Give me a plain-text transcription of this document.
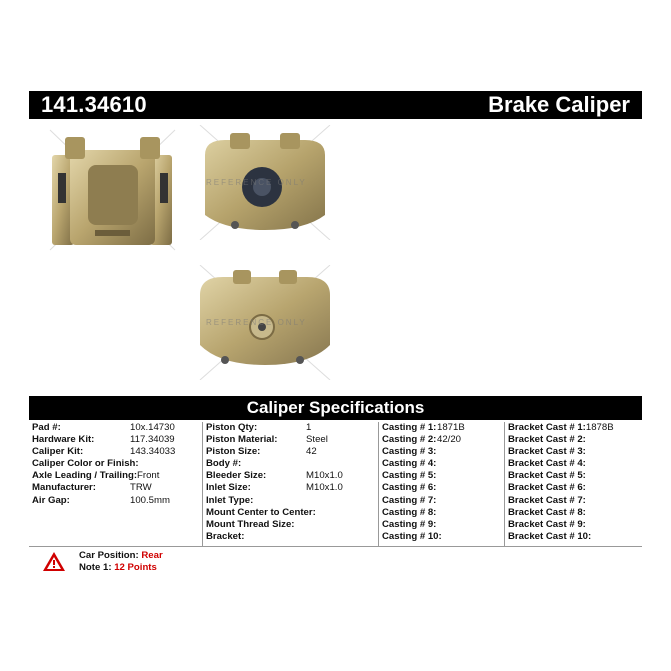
141.34610	Brake Caliper
REFERENCE ONLY
REFERENCE ONLY
Caliper Specifications
Pad #:	10x.14730
Hardware Kit:	117.34039
Caliper Kit:	143.34033
Caliper Color or Finish:
Axle Leading / Trailing: Front
Manufacturer:	TRW
Air Gap:	100.5mm
Piston Qty:	1
Piston Material:	Steel
Piston Size:	42
Body #:
Bleeder Size:	M10x1.0
Inlet Size:	M10x1.0
Inlet Type:
Mount Center to Center:
Mount Thread Size:
Bracket:
Casting # 1: 1871B
Casting # 2: 42/20
Casting # 3:
Casting # 4:
Casting # 5:
Casting # 6:
Casting # 7:
Casting # 8:
Casting # 9:
Casting # 10:
Bracket Cast # 1: 1878B
Bracket Cast # 2:
Bracket Cast # 3:
Bracket Cast # 4:
Bracket Cast # 5:
Bracket Cast # 6:
Bracket Cast # 7:
Bracket Cast # 8:
Bracket Cast # 9:
Bracket Cast # 10:
Car Position: Rear
Note 1: 12 Points
